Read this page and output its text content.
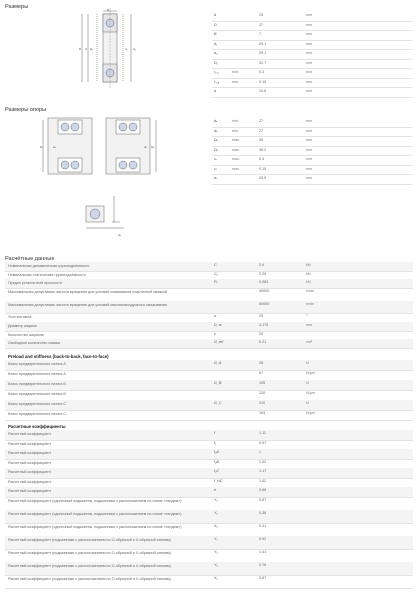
Размеры	B
D d D₁	d₁ d₂
d	25	mm
D	37	mm
B	7	mm
d₁	29.1	mm
d₂	29.1	mm
D₁	32.7	mm
r₁,₂	min.	0.3	mm
r₃,₄	min.	0.15	mm
a	10.6	mm
Размеры опоры
Dₐ	dₐ	dᵦ Dᵦ
dₙ
dₐ	min.	27	mm
dᵦ	min.	27	mm
Dₐ	max.	35	mm
Dᵦ	max.	36.2	mm
rₐ	max.	0.3	mm
rᵦ	max.	0.15	mm
dₙ	29.5	mm
Расчётные данные
Номинальная динамическая грузоподъёмность	C	3.9	kN
Номинальная статическая грузоподъёмность	C₀	3.25	kN
Предел усталостной прочности	Pᵤ	0.083	kN
Максимальная допустимая частота вращения для условий смазывания пластичной смазкой	40000	r/min
Максимальная допустимая частота вращения для условий масляновоздушного смазывания	60000	r/min
Угол контакта	α	25	°
Диаметр шарика	D_w	3.175	mm
Количество шариков	z	20
Свободное количество смазки	G_ref	0.21	cm³
Preload and stiffness (back-to-back, face-to-face)
Класс предварительного натяга A	G_A	26	N
Класс предварительного натяга A	67	N/μm
Класс предварительного натяга B	G_B	105	N
Класс предварительного натяга B	120	N/μm
Класс предварительного натяга C	G_C	210	N
Класс предварительного натяга C	163	N/μm
Расчетные коэффициенты
Расчетный коэффициент	f	1.11
Расчетный коэффициент	f₁	0.97
Расчетный коэффициент	f₂A	1
Расчетный коэффициент	f₂B	1.02
Расчетный коэффициент	f₂C	1.17
Расчетный коэффициент	f_HC	1.02
Расчетный коэффициент	e	0.68
Расчетный коэффициент (одиночный подшипник, подшипники с расположением по схеме «тандем»)	Y₂	0.87
Расчетный коэффициент (одиночный подшипник, подшипники с расположением по схеме «тандем»)	Y₀	0.38
Расчетный коэффициент (одиночный подшипник, подшипники с расположением по схеме «тандем»)	X₂	0.41
Расчетный коэффициент (подшипники с расположением по O-образной и X-образной схемам)	Y₁	0.92
Расчетный коэффициент (подшипники с расположением по O-образной и X-образной схемам)	Y₂	1.41
Расчетный коэффициент (подшипники с расположением по O-образной и X-образной схемам)	Y₀	0.76
Расчетный коэффициент (подшипники с расположением по O-образной и X-образной схемам)	X₂	0.67
